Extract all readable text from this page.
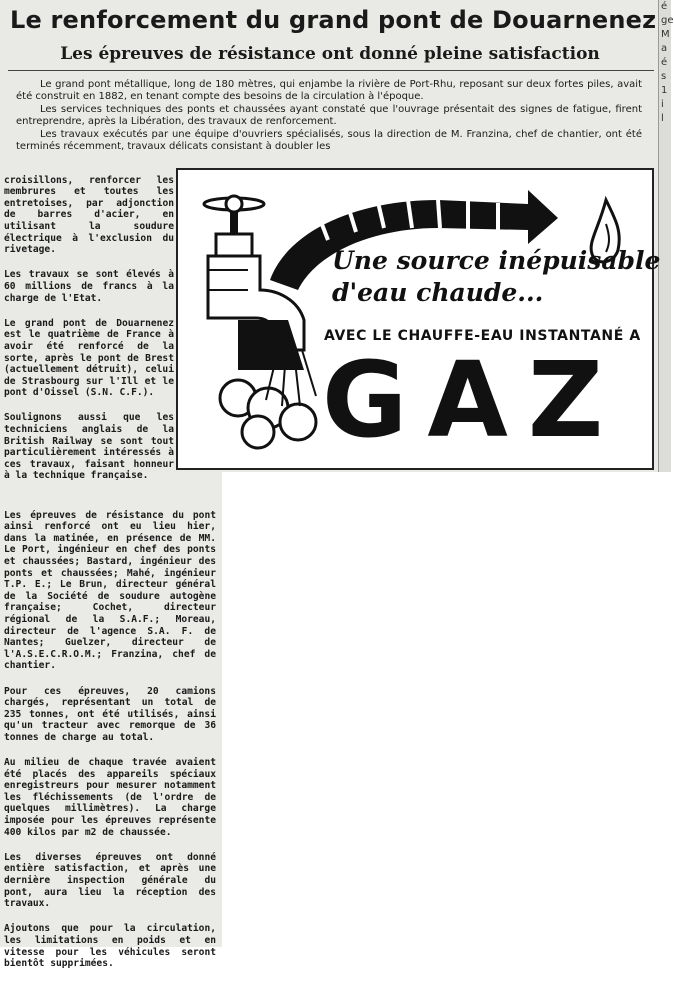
é
ge
M
a
é
s
1
i
l
Le renforcement du grand pont de Douarnenez
Les épreuves de résistance ont donné pleine satisfaction

Le grand pont métallique, long de 180 mètres, qui enjambe la rivière de Port-Rhu, reposant sur deux fortes piles, avait été construit en 1882, en tenant compte des besoins de la circulation à l'époque.

Les services techniques des ponts et chaussées ayant constaté que l'ouvrage présentait des signes de fatigue, firent entreprendre, après la Libération, des travaux de renforcement.

Les travaux exécutés par une équipe d'ouvriers spécialisés, sous la direction de M. Franzina, chef de chantier, ont été terminés récemment, travaux délicats consistant à doubler les

croisillons, renforcer les membrures et toutes les entretoises, par adjonction de barres d'acier, en utilisant la soudure électrique à l'exclusion du rivetage.

Les travaux se sont élevés à 60 millions de francs à la charge de l'Etat.

Le grand pont de Douarnenez est le quatrième de France à avoir été renforcé de la sorte, après le pont de Brest (actuellement détruit), celui de Strasbourg sur l'Ill et le pont d'Oissel (S.N. C.F.).

Soulignons aussi que les techniciens anglais de la British Railway se sont tout particulièrement intéressés à ces travaux, faisant honneur à la technique française.

Les épreuves de résistance du pont ainsi renforcé ont eu lieu hier, dans la matinée, en présence de MM. Le Port, ingénieur en chef des ponts et chaussées; Bastard, ingénieur des ponts et chaussées; Mahé, ingénieur T.P. E.; Le Brun, directeur général de la Société de soudure autogène française; Cochet, directeur régional de la S.A.F.; Moreau, directeur de l'agence S.A. F. de Nantes; Guelzer, directeur de l'A.S.E.C.R.O.M.; Franzina, chef de chantier.

Pour ces épreuves, 20 camions chargés, représentant un total de 235 tonnes, ont été utilisés, ainsi qu'un tracteur avec remorque de 36 tonnes de charge au total.

Au milieu de chaque travée avaient été placés des appareils spéciaux enregistreurs pour mesurer notamment les fléchissements (de l'ordre de quelques millimètres). La charge imposée pour les épreuves représente 400 kilos par m2 de chaussée.

Les diverses épreuves ont donné entière satisfaction, et après une dernière inspection générale du pont, aura lieu la réception des travaux.

Ajoutons que pour la circulation, les limitations en poids et en vitesse pour les véhicules seront bientôt supprimées.

Une source inépuisable
d'eau chaude...
AVEC LE CHAUFFE-EAU INSTANTANÉ A
GAZ
